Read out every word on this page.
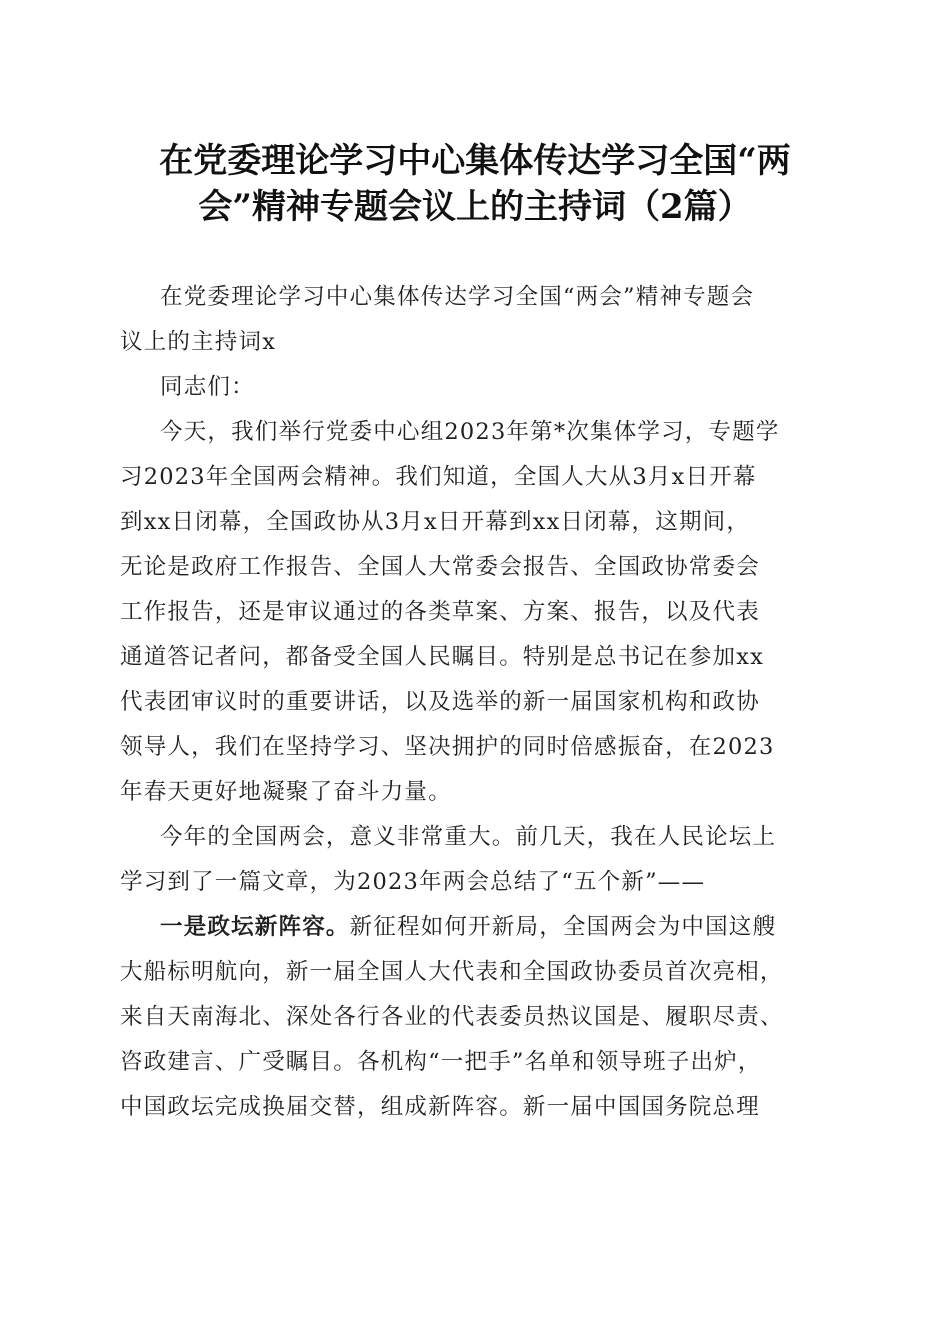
在党委理论学习中心集体传达学习全国“两
会”精神专题会议上的主持词（2篇）

在党委理论学习中心集体传达学习全国“两会”精神专题会
议上的主持词x

同志们：

今天，我们举行党委中心组2023年第*次集体学习，专题学
习2023年全国两会精神。我们知道，全国人大从3月x日开幕
到xx日闭幕，全国政协从3月x日开幕到xx日闭幕，这期间，
无论是政府工作报告、全国人大常委会报告、全国政协常委会
工作报告，还是审议通过的各类草案、方案、报告，以及代表
通道答记者问，都备受全国人民瞩目。特别是总书记在参加xx
代表团审议时的重要讲话，以及选举的新一届国家机构和政协
领导人，我们在坚持学习、坚决拥护的同时倍感振奋，在2023
年春天更好地凝聚了奋斗力量。

今年的全国两会，意义非常重大。前几天，我在人民论坛上
学习到了一篇文章，为2023年两会总结了“五个新”——

一是政坛新阵容。新征程如何开新局，全国两会为中国这艘
大船标明航向，新一届全国人大代表和全国政协委员首次亮相，
来自天南海北、深处各行各业的代表委员热议国是、履职尽责、
咨政建言、广受瞩目。各机构“一把手”名单和领导班子出炉，
中国政坛完成换届交替，组成新阵容。新一届中国国务院总理
